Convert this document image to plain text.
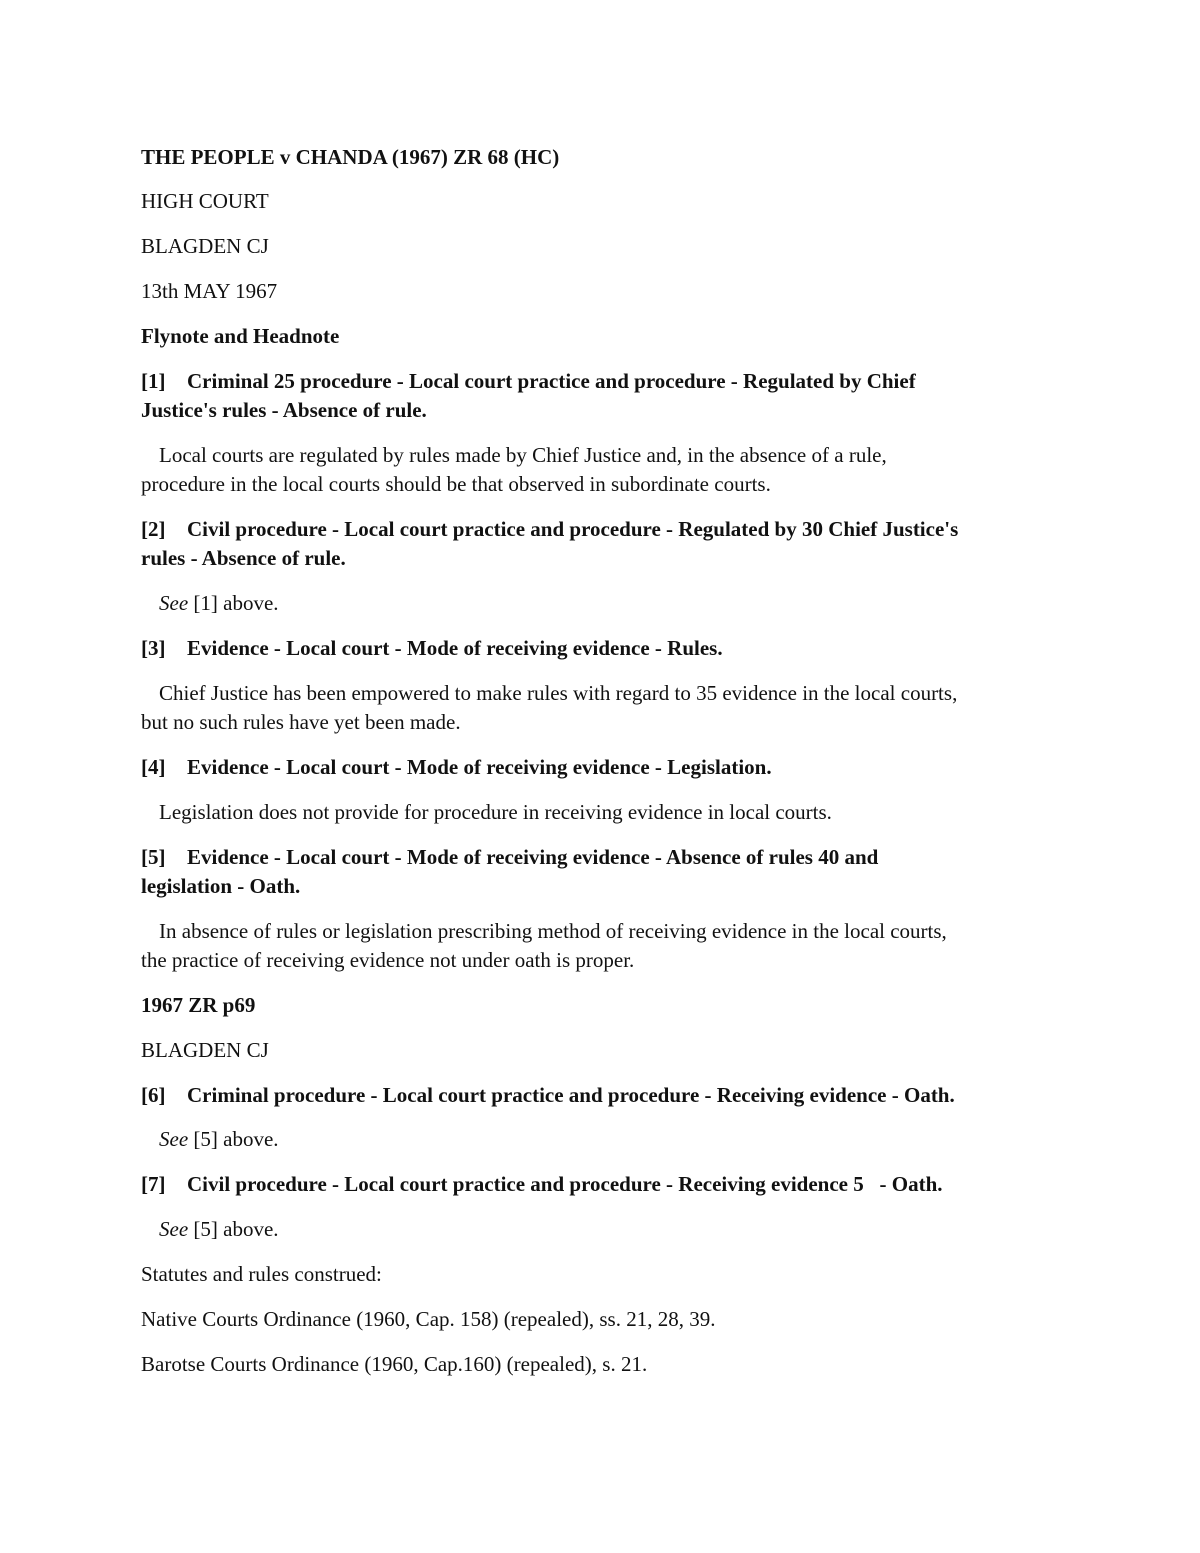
THE PEOPLE v CHANDA (1967) ZR 68 (HC)
HIGH COURT
BLAGDEN CJ
13th MAY 1967
Flynote and Headnote
[1] Criminal 25 procedure - Local court practice and procedure - Regulated by Chief
Justice's rules - Absence of rule.
Local courts are regulated by rules made by Chief Justice and, in the absence of a rule,
procedure in the local courts should be that observed in subordinate courts.
[2] Civil procedure - Local court practice and procedure - Regulated by 30 Chief Justice's
rules - Absence of rule.
See [1] above.
[3] Evidence - Local court - Mode of receiving evidence - Rules.
Chief Justice has been empowered to make rules with regard to 35 evidence in the local courts,
but no such rules have yet been made.
[4] Evidence - Local court - Mode of receiving evidence - Legislation.
Legislation does not provide for procedure in receiving evidence in local courts.
[5] Evidence - Local court - Mode of receiving evidence - Absence of rules 40 and
legislation - Oath.
In absence of rules or legislation prescribing method of receiving evidence in the local courts,
the practice of receiving evidence not under oath is proper.
1967 ZR p69
BLAGDEN CJ
[6] Criminal procedure - Local court practice and procedure - Receiving evidence - Oath.
See [5] above.
[7] Civil procedure - Local court practice and procedure - Receiving evidence 5   - Oath.
See [5] above.
Statutes and rules construed:
Native Courts Ordinance (1960, Cap. 158) (repealed), ss. 21, 28, 39.
Barotse Courts Ordinance (1960, Cap.160) (repealed), s. 21.
